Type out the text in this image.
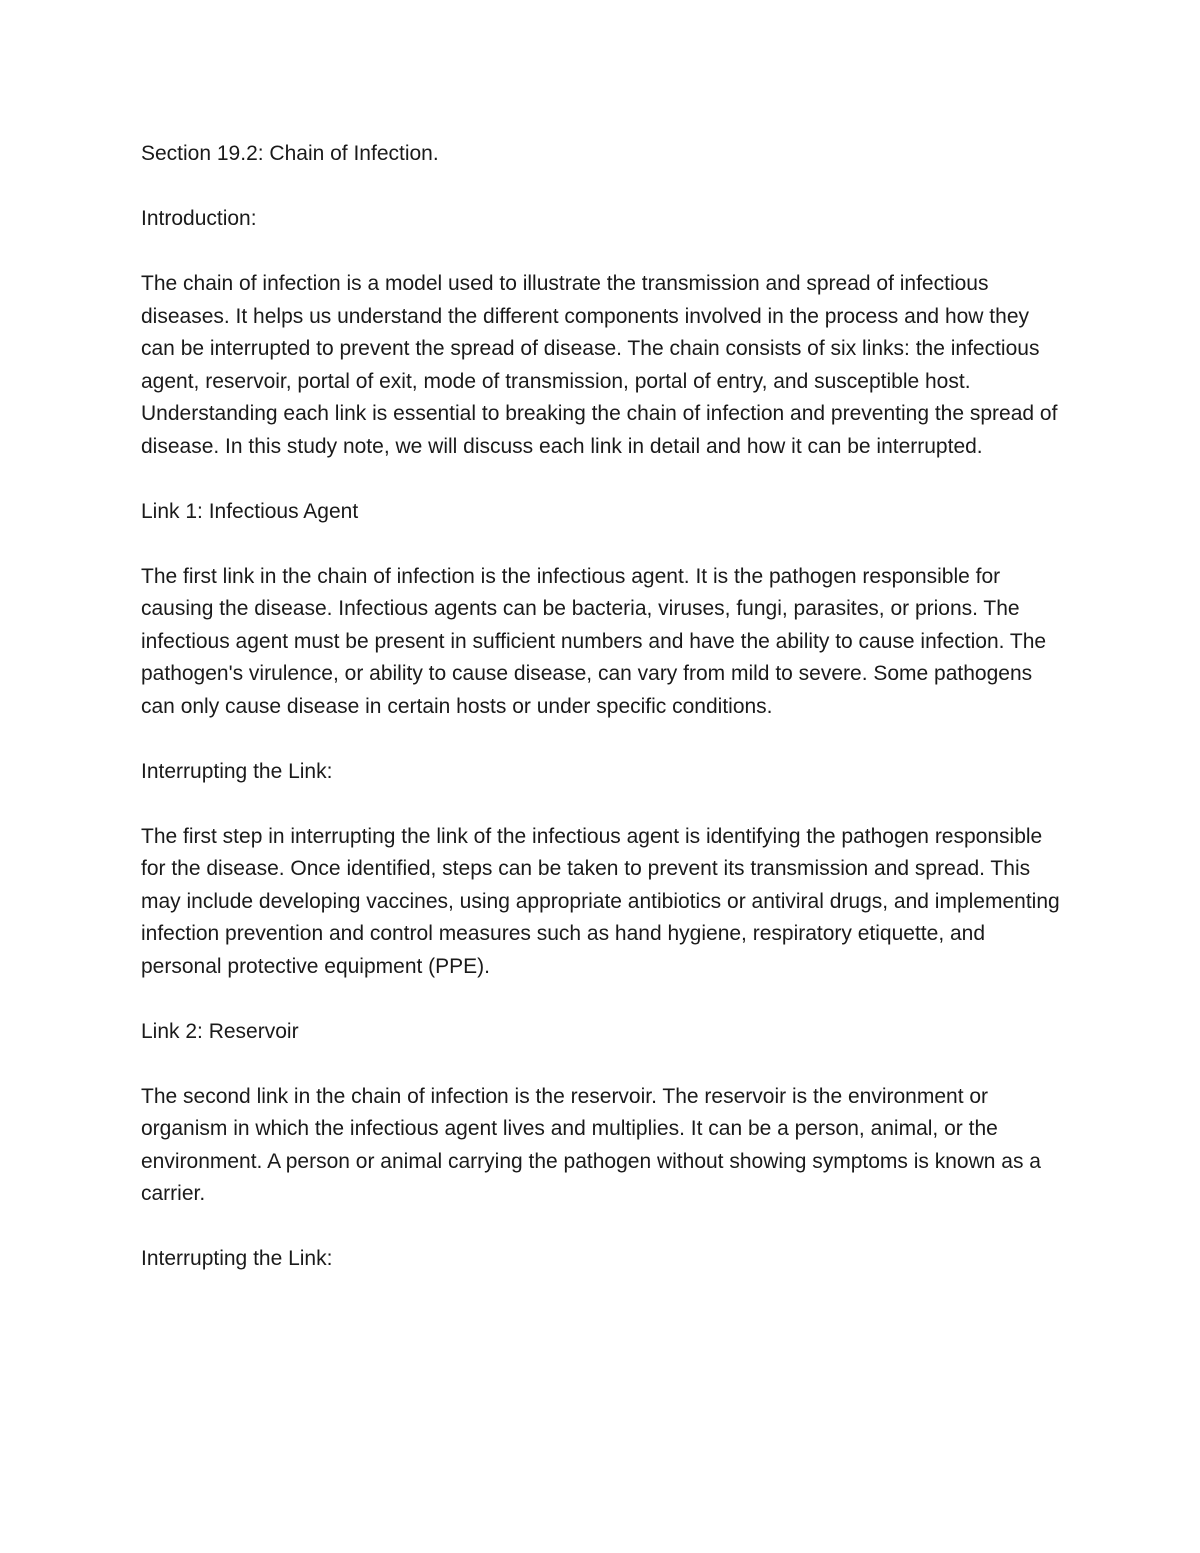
Section 19.2: Chain of Infection.

Introduction:

The chain of infection is a model used to illustrate the transmission and spread of infectious diseases. It helps us understand the different components involved in the process and how they can be interrupted to prevent the spread of disease. The chain consists of six links: the infectious agent, reservoir, portal of exit, mode of transmission, portal of entry, and susceptible host. Understanding each link is essential to breaking the chain of infection and preventing the spread of disease. In this study note, we will discuss each link in detail and how it can be interrupted.

Link 1: Infectious Agent

The first link in the chain of infection is the infectious agent. It is the pathogen responsible for causing the disease. Infectious agents can be bacteria, viruses, fungi, parasites, or prions. The infectious agent must be present in sufficient numbers and have the ability to cause infection. The pathogen's virulence, or ability to cause disease, can vary from mild to severe. Some pathogens can only cause disease in certain hosts or under specific conditions.

Interrupting the Link:

The first step in interrupting the link of the infectious agent is identifying the pathogen responsible for the disease. Once identified, steps can be taken to prevent its transmission and spread. This may include developing vaccines, using appropriate antibiotics or antiviral drugs, and implementing infection prevention and control measures such as hand hygiene, respiratory etiquette, and personal protective equipment (PPE).

Link 2: Reservoir

The second link in the chain of infection is the reservoir. The reservoir is the environment or organism in which the infectious agent lives and multiplies. It can be a person, animal, or the environment. A person or animal carrying the pathogen without showing symptoms is known as a carrier.

Interrupting the Link:
